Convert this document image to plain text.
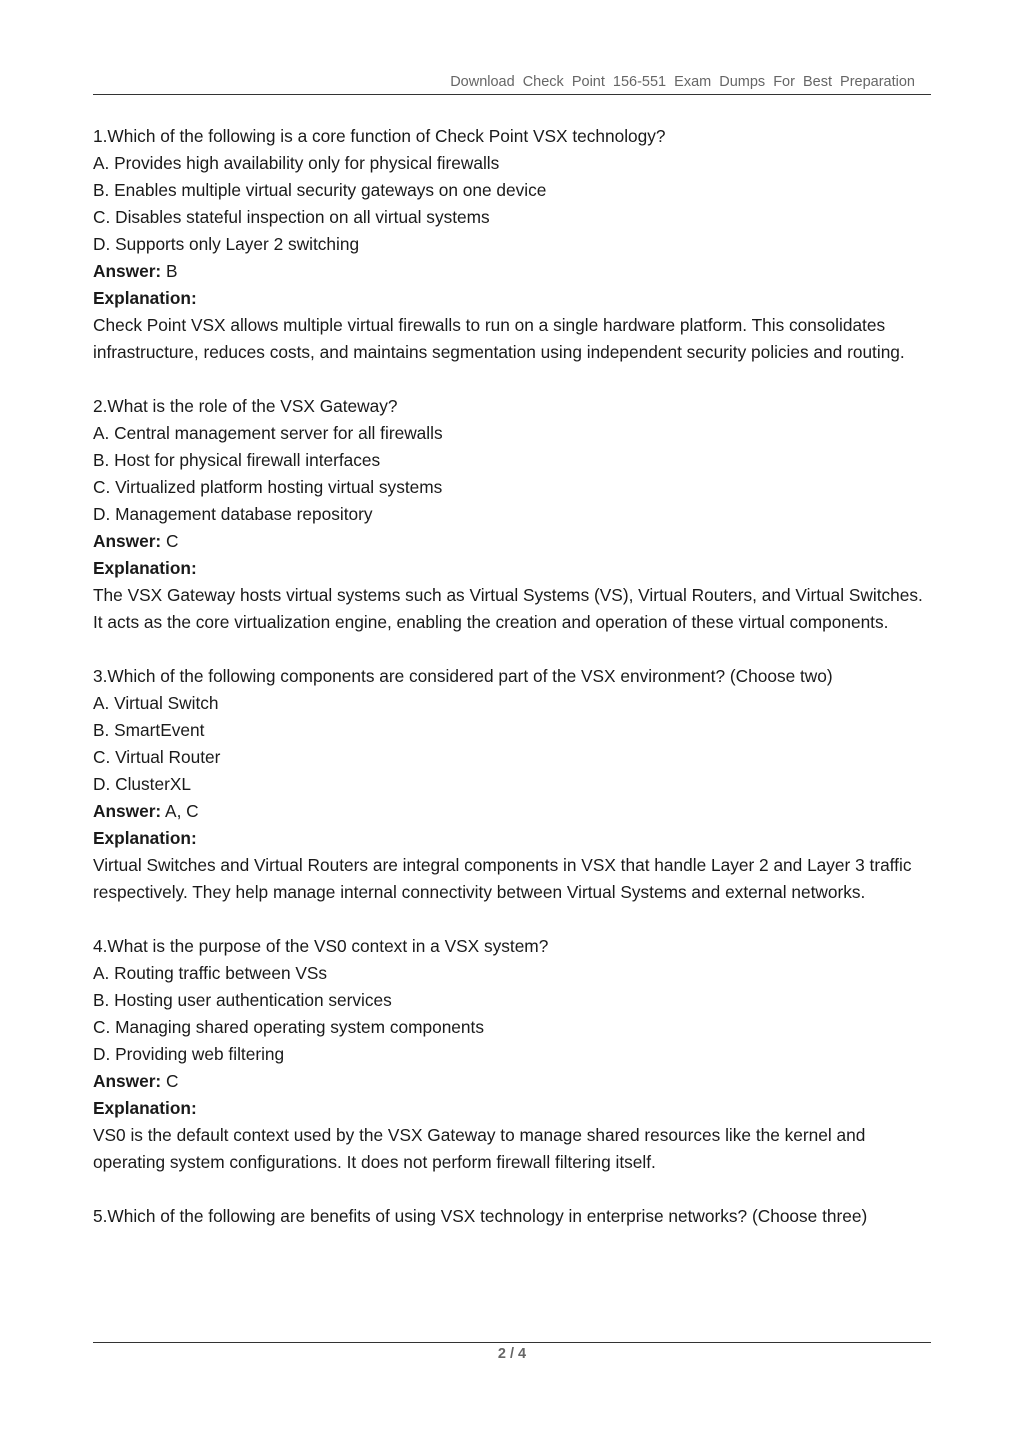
Download Check Point 156-551 Exam Dumps For Best Preparation
1.Which of the following is a core function of Check Point VSX technology?
A. Provides high availability only for physical firewalls
B. Enables multiple virtual security gateways on one device
C. Disables stateful inspection on all virtual systems
D. Supports only Layer 2 switching
Answer: B
Explanation:
Check Point VSX allows multiple virtual firewalls to run on a single hardware platform. This consolidates infrastructure, reduces costs, and maintains segmentation using independent security policies and routing.
2.What is the role of the VSX Gateway?
A. Central management server for all firewalls
B. Host for physical firewall interfaces
C. Virtualized platform hosting virtual systems
D. Management database repository
Answer: C
Explanation:
The VSX Gateway hosts virtual systems such as Virtual Systems (VS), Virtual Routers, and Virtual Switches. It acts as the core virtualization engine, enabling the creation and operation of these virtual components.
3.Which of the following components are considered part of the VSX environment? (Choose two)
A. Virtual Switch
B. SmartEvent
C. Virtual Router
D. ClusterXL
Answer: A, C
Explanation:
Virtual Switches and Virtual Routers are integral components in VSX that handle Layer 2 and Layer 3 traffic respectively. They help manage internal connectivity between Virtual Systems and external networks.
4.What is the purpose of the VS0 context in a VSX system?
A. Routing traffic between VSs
B. Hosting user authentication services
C. Managing shared operating system components
D. Providing web filtering
Answer: C
Explanation:
VS0 is the default context used by the VSX Gateway to manage shared resources like the kernel and operating system configurations. It does not perform firewall filtering itself.
5.Which of the following are benefits of using VSX technology in enterprise networks? (Choose three)
2 / 4
